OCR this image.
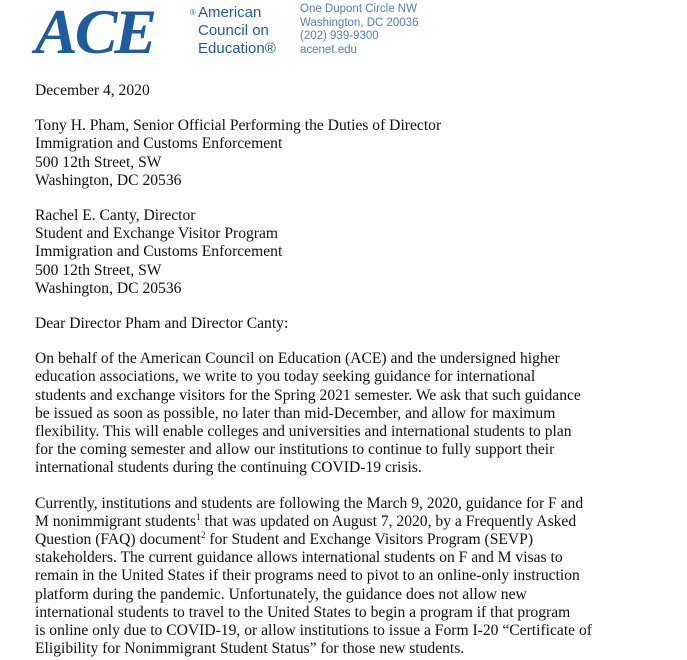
ACE	® American
Council on
Education®
One Dupont Circle NW
Washington, DC 20036
(202) 939-9300
acenet.edu
December 4, 2020
Tony H. Pham, Senior Official Performing the Duties of Director
Immigration and Customs Enforcement
500 12th Street, SW
Washington, DC 20536
Rachel E. Canty, Director
Student and Exchange Visitor Program
Immigration and Customs Enforcement
500 12th Street, SW
Washington, DC 20536
Dear Director Pham and Director Canty:
On behalf of the American Council on Education (ACE) and the undersigned higher
education associations, we write to you today seeking guidance for international
students and exchange visitors for the Spring 2021 semester. We ask that such guidance
be issued as soon as possible, no later than mid-December, and allow for maximum
flexibility. This will enable colleges and universities and international students to plan
for the coming semester and allow our institutions to continue to fully support their
international students during the continuing COVID-19 crisis.
Currently, institutions and students are following the March 9, 2020, guidance for F and
M nonimmigrant students$^1$ that was updated on August 7, 2020, by a Frequently Asked
Question (FAQ) document$^2$ for Student and Exchange Visitors Program (SEVP)
stakeholders. The current guidance allows international students on F and M visas to
remain in the United States if their programs need to pivot to an online-only instruction
platform during the pandemic. Unfortunately, the guidance does not allow new
international students to travel to the United States to begin a program if that program
is online only due to COVID-19, or allow institutions to issue a Form I-20 “Certificate of
Eligibility for Nonimmigrant Student Status” for those new students.
